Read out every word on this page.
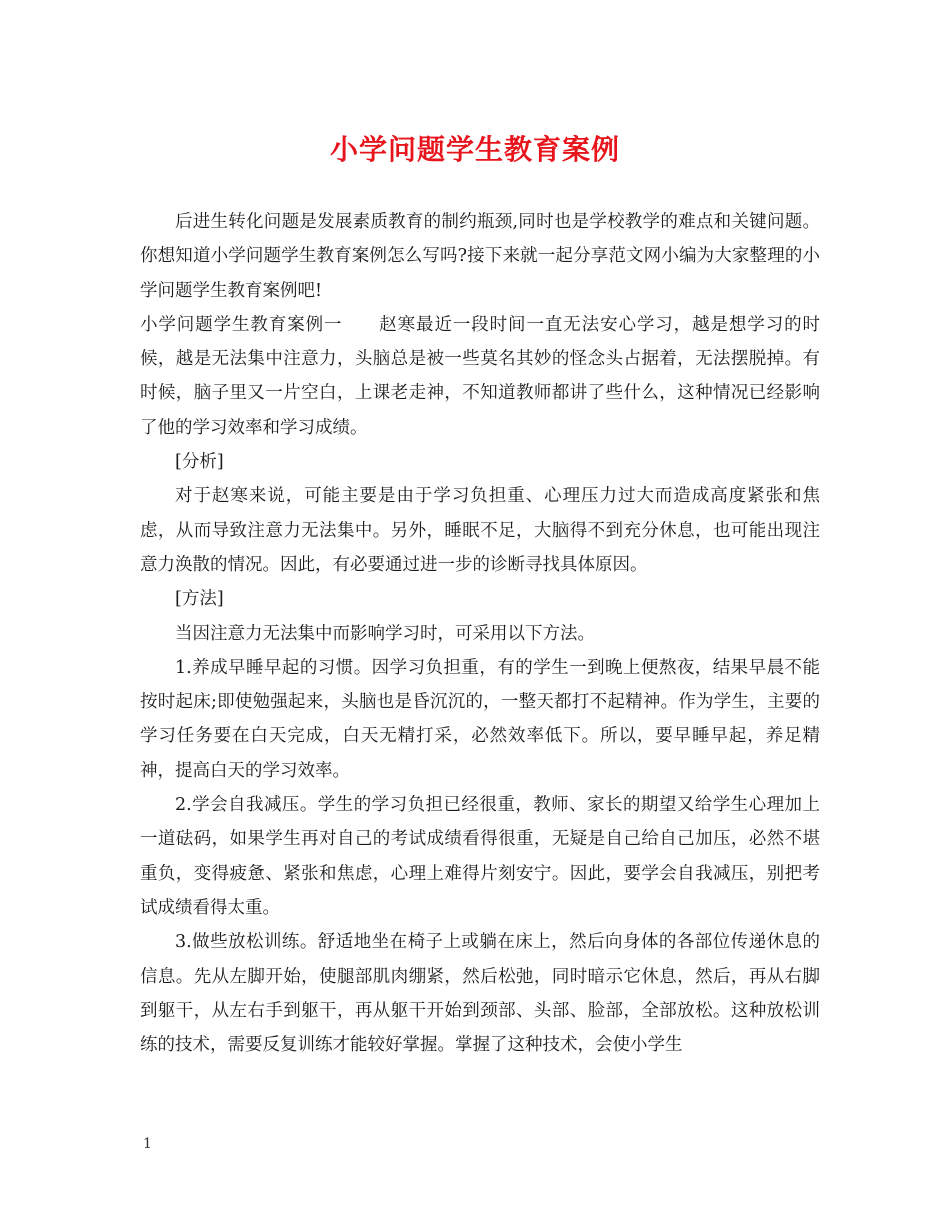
小学问题学生教育案例

后进生转化问题是发展素质教育的制约瓶颈,同时也是学校教学的难点和关键问题。你想知道小学问题学生教育案例怎么写吗?接下来就一起分享范文网小编为大家整理的小学问题学生教育案例吧!

小学问题学生教育案例一　　赵寒最近一段时间一直无法安心学习，越是想学习的时候，越是无法集中注意力，头脑总是被一些莫名其妙的怪念头占据着，无法摆脱掉。有时候，脑子里又一片空白，上课老走神，不知道教师都讲了些什么，这种情况已经影响了他的学习效率和学习成绩。

[分析]

对于赵寒来说，可能主要是由于学习负担重、心理压力过大而造成高度紧张和焦虑，从而导致注意力无法集中。另外，睡眠不足，大脑得不到充分休息，也可能出现注意力涣散的情况。因此，有必要通过进一步的诊断寻找具体原因。

[方法]

当因注意力无法集中而影响学习时，可采用以下方法。

1.养成早睡早起的习惯。因学习负担重，有的学生一到晚上便熬夜，结果早晨不能按时起床;即使勉强起来，头脑也是昏沉沉的，一整天都打不起精神。作为学生，主要的学习任务要在白天完成，白天无精打采，必然效率低下。所以，要早睡早起，养足精神，提高白天的学习效率。

2.学会自我减压。学生的学习负担已经很重，教师、家长的期望又给学生心理加上一道砝码，如果学生再对自己的考试成绩看得很重，无疑是自己给自己加压，必然不堪重负，变得疲惫、紧张和焦虑，心理上难得片刻安宁。因此，要学会自我减压，别把考试成绩看得太重。

3.做些放松训练。舒适地坐在椅子上或躺在床上，然后向身体的各部位传递休息的信息。先从左脚开始，使腿部肌肉绷紧，然后松弛，同时暗示它休息，然后，再从右脚到躯干，从左右手到躯干，再从躯干开始到颈部、头部、脸部，全部放松。这种放松训练的技术，需要反复训练才能较好掌握。掌握了这种技术，会使小学生

1
